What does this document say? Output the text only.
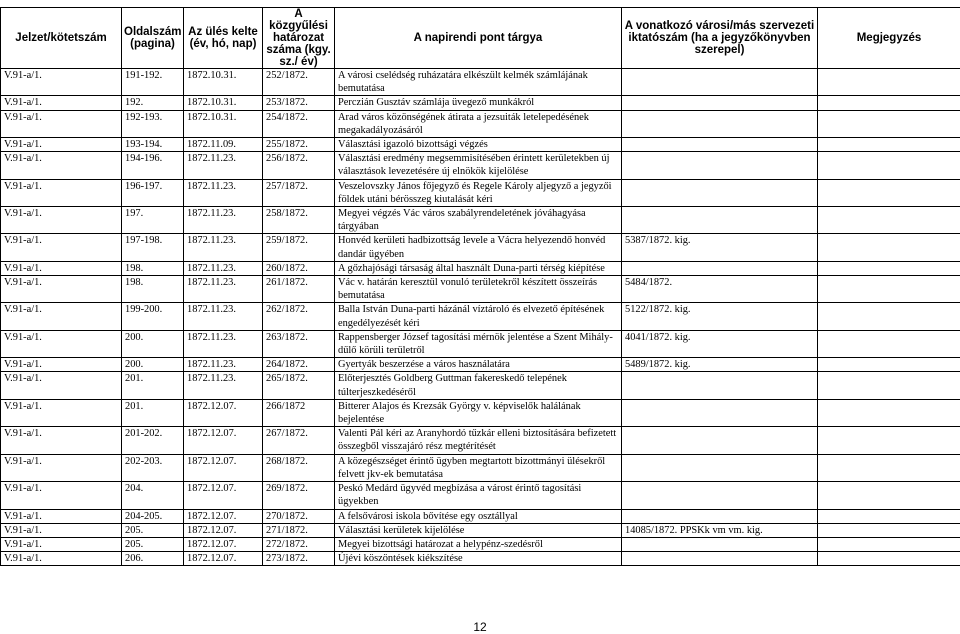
Jelzet/kötetszám	Oldalszám (pagina)	Az ülés kelte (év, hó, nap)	A közgyűlési határozat száma (kgy. sz./ év)	A napirendi pont tárgya	A vonatkozó városi/más szervezeti iktatószám (ha a jegyzőkönyvben szerepel)	Megjegyzés
V.91-a/1.	191-192.	1872.10.31.	252/1872.	A városi cselédség ruházatára elkészült kelmék számlájának bemutatása		
V.91-a/1.	192.	1872.10.31.	253/1872.	Perczián Gusztáv számlája üvegező munkákról		
V.91-a/1.	192-193.	1872.10.31.	254/1872.	Arad város közönségének átirata a jezsuiták letelepedésének megakadályozásáról		
V.91-a/1.	193-194.	1872.11.09.	255/1872.	Választási igazoló bizottsági végzés		
V.91-a/1.	194-196.	1872.11.23.	256/1872.	Választási eredmény megsemmisítésében érintett kerületekben új választások levezetésére új elnökök kijelölése		
V.91-a/1.	196-197.	1872.11.23.	257/1872.	Veszelovszky János főjegyző és Regele Károly aljegyző a jegyzői földek utáni bérösszeg kiutalását kéri		
V.91-a/1.	197.	1872.11.23.	258/1872.	Megyei végzés Vác város szabályrendeletének jóváhagyása tárgyában		
V.91-a/1.	197-198.	1872.11.23.	259/1872.	Honvéd kerületi hadbizottság levele a Vácra helyezendő honvéd dandár ügyében	5387/1872. kig.	
V.91-a/1.	198.	1872.11.23.	260/1872.	A gőzhajósági társaság által használt Duna-parti térség kiépítése		
V.91-a/1.	198.	1872.11.23.	261/1872.	Vác v. határán keresztül vonuló területekről készített összeírás bemutatása	5484/1872.	
V.91-a/1.	199-200.	1872.11.23.	262/1872.	Balla István Duna-parti házánál víztároló és elvezető építésének engedélyezését kéri	5122/1872. kig.	
V.91-a/1.	200.	1872.11.23.	263/1872.	Rappensberger József tagosítási mérnök jelentése a Szent Mihály-dűlő körüli területről	4041/1872. kig.	
V.91-a/1.	200.	1872.11.23.	264/1872.	Gyertyák beszerzése a város használatára	5489/1872. kig.	
V.91-a/1.	201.	1872.11.23.	265/1872.	Előterjesztés Goldberg Guttman fakereskedő telepének túlterjeszkedéséről		
V.91-a/1.	201.	1872.12.07.	266/1872	Bitterer Alajos és Krezsák György v. képviselők halálának bejelentése		
V.91-a/1.	201-202.	1872.12.07.	267/1872.	Valenti Pál kéri az Aranyhordó tűzkár elleni biztosítására befizetett összegből visszajáró rész megtérítését		
V.91-a/1.	202-203.	1872.12.07.	268/1872.	A közegészséget érintő ügyben megtartott bizottmányi ülésekről felvett jkv-ek bemutatása		
V.91-a/1.	204.	1872.12.07.	269/1872.	Peskó Medárd ügyvéd megbízása a várost érintő tagosítási ügyekben		
V.91-a/1.	204-205.	1872.12.07.	270/1872.	A felsővárosi iskola bővítése egy osztállyal		
V.91-a/1.	205.	1872.12.07.	271/1872.	Választási kerületek kijelölése	14085/1872. PPSKk vm vm. kig.	
V.91-a/1.	205.	1872.12.07.	272/1872.	Megyei bizottsági határozat a helypénz-szedésről		
V.91-a/1.	206.	1872.12.07.	273/1872.	Újévi köszöntések kiékszítése		
12
